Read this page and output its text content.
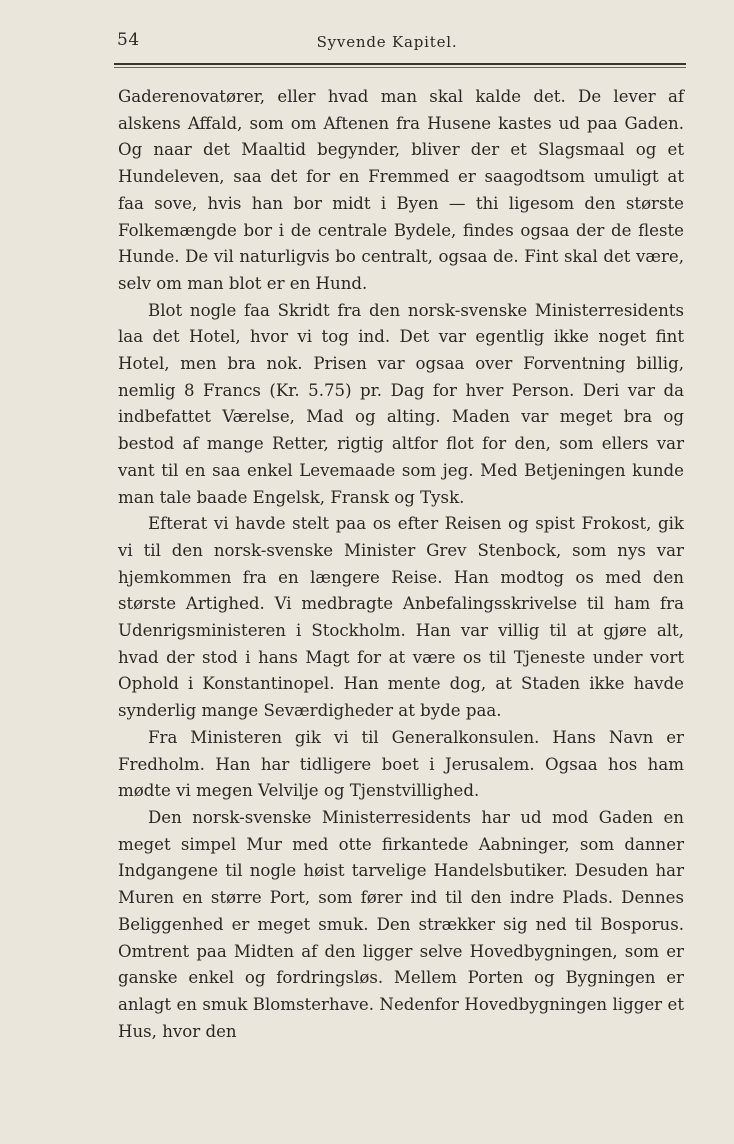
54	Syvende Kapitel.

Gaderenovatører, eller hvad man skal kalde det. De lever af alskens Affald, som om Aftenen fra Husene kastes ud paa Gaden. Og naar det Maaltid begynder, bliver der et Slagsmaal og et Hundeleven, saa det for en Fremmed er saagodtsom umuligt at faa sove, hvis han bor midt i Byen — thi ligesom den største Folkemængde bor i de centrale Bydele, findes ogsaa der de fleste Hunde. De vil naturligvis bo centralt, ogsaa de. Fint skal det være, selv om man blot er en Hund.

Blot nogle faa Skridt fra den norsk-svenske Ministerresidents laa det Hotel, hvor vi tog ind. Det var egentlig ikke noget fint Hotel, men bra nok. Prisen var ogsaa over Forventning billig, nemlig 8 Francs (Kr. 5.75) pr. Dag for hver Person. Deri var da indbefattet Værelse, Mad og alting. Maden var meget bra og bestod af mange Retter, rigtig altfor flot for den, som ellers var vant til en saa enkel Levemaade som jeg. Med Betjeningen kunde man tale baade Engelsk, Fransk og Tysk.

Efterat vi havde stelt paa os efter Reisen og spist Frokost, gik vi til den norsk-svenske Minister Grev Stenbock, som nys var hjemkommen fra en længere Reise. Han modtog os med den største Artighed. Vi medbragte Anbefalingsskrivelse til ham fra Udenrigsministeren i Stockholm. Han var villig til at gjøre alt, hvad der stod i hans Magt for at være os til Tjeneste under vort Ophold i Konstantinopel. Han mente dog, at Staden ikke havde synderlig mange Seværdigheder at byde paa.

Fra Ministeren gik vi til Generalkonsulen. Hans Navn er Fredholm. Han har tidligere boet i Jerusalem. Ogsaa hos ham mødte vi megen Velvilje og Tjenstvillighed.

Den norsk-svenske Ministerresidents har ud mod Gaden en meget simpel Mur med otte firkantede Aabninger, som danner Indgangene til nogle høist tarvelige Handelsbutiker. Desuden har Muren en større Port, som fører ind til den indre Plads. Dennes Beliggenhed er meget smuk. Den strækker sig ned til Bosporus. Omtrent paa Midten af den ligger selve Hovedbygningen, som er ganske enkel og fordringsløs. Mellem Porten og Bygningen er anlagt en smuk Blomsterhave. Nedenfor Hovedbygningen ligger et Hus, hvor den
